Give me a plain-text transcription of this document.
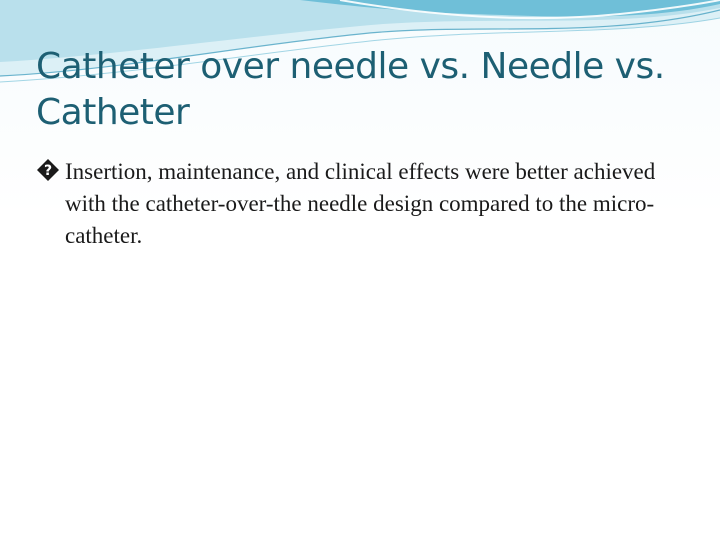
Catheter over needle vs. Needle vs. Catheter
? Insertion, maintenance, and clinical effects were better achieved with the catheter-over-the needle design compared to the micro-catheter.
